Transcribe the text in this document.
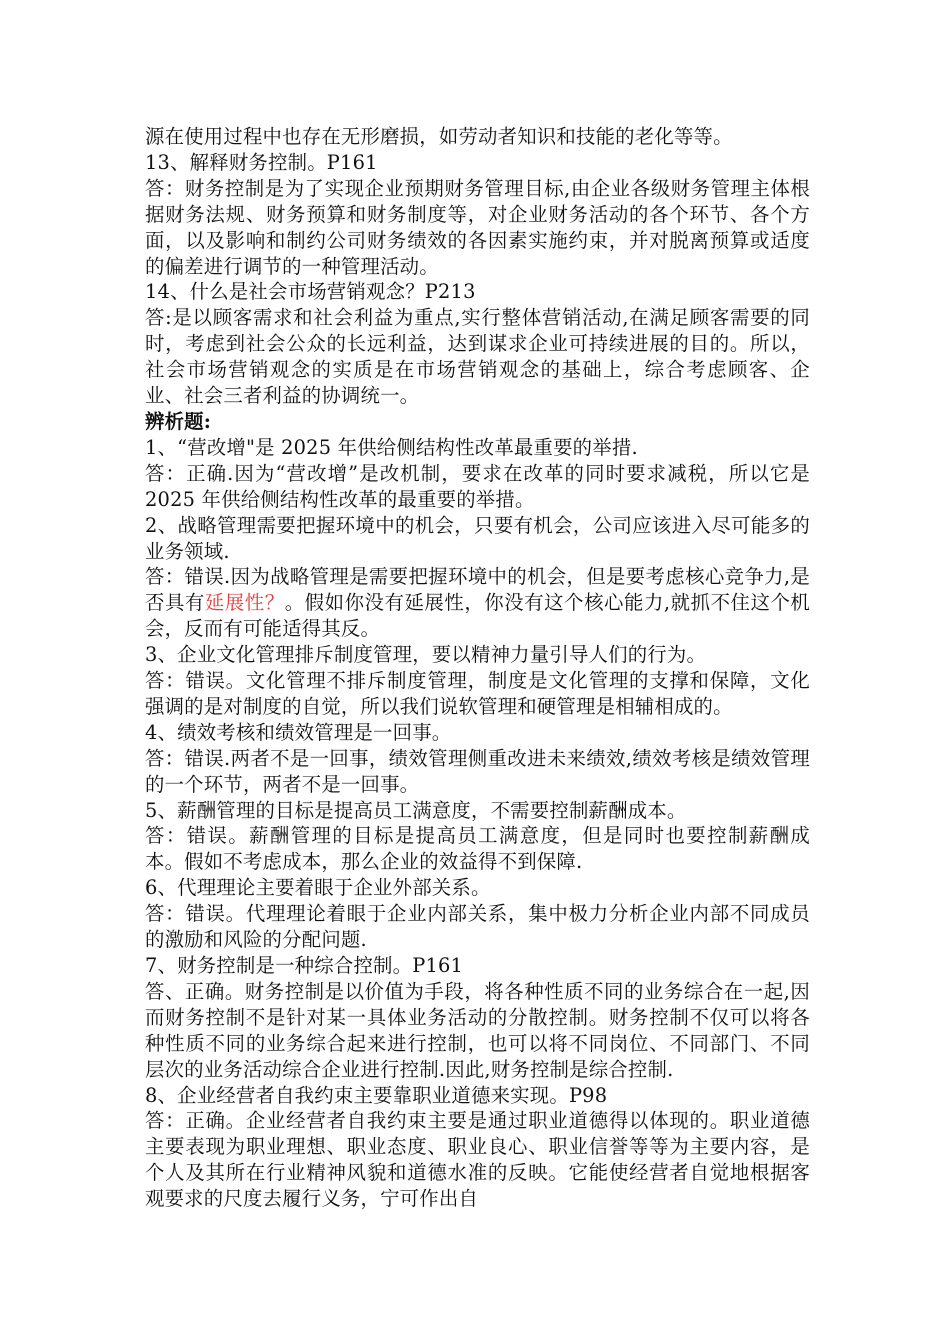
源在使用过程中也存在无形磨损，如劳动者知识和技能的老化等等。

13、解释财务控制。P161

答：财务控制是为了实现企业预期财务管理目标,由企业各级财务管理主体根据财务法规、财务预算和财务制度等，对企业财务活动的各个环节、各个方面，以及影响和制约公司财务绩效的各因素实施约束，并对脱离预算或适度的偏差进行调节的一种管理活动。

14、什么是社会市场营销观念？P213

答:是以顾客需求和社会利益为重点,实行整体营销活动,在满足顾客需要的同时，考虑到社会公众的长远利益，达到谋求企业可持续进展的目的。所以，社会市场营销观念的实质是在市场营销观念的基础上，综合考虑顾客、企业、社会三者利益的协调统一。

辨析题:

1、“营改增"是 2025 年供给侧结构性改革最重要的举措.

答：正确.因为“营改增”是改机制，要求在改革的同时要求减税，所以它是 2025 年供给侧结构性改革的最重要的举措。

2、战略管理需要把握环境中的机会，只要有机会，公司应该进入尽可能多的业务领域.

答：错误.因为战略管理是需要把握环境中的机会，但是要考虑核心竞争力,是否具有延展性？。假如你没有延展性，你没有这个核心能力,就抓不住这个机会，反而有可能适得其反。

3、企业文化管理排斥制度管理，要以精神力量引导人们的行为。

答：错误。文化管理不排斥制度管理，制度是文化管理的支撑和保障，文化强调的是对制度的自觉，所以我们说软管理和硬管理是相辅相成的。

4、绩效考核和绩效管理是一回事。

答：错误.两者不是一回事，绩效管理侧重改进未来绩效,绩效考核是绩效管理的一个环节，两者不是一回事。

5、薪酬管理的目标是提高员工满意度，不需要控制薪酬成本。

答：错误。薪酬管理的目标是提高员工满意度，但是同时也要控制薪酬成本。假如不考虑成本，那么企业的效益得不到保障.

6、代理理论主要着眼于企业外部关系。

答：错误。代理理论着眼于企业内部关系，集中极力分析企业内部不同成员的激励和风险的分配问题.

7、财务控制是一种综合控制。P161

答、正确。财务控制是以价值为手段，将各种性质不同的业务综合在一起,因而财务控制不是针对某一具体业务活动的分散控制。财务控制不仅可以将各种性质不同的业务综合起来进行控制，也可以将不同岗位、不同部门、不同层次的业务活动综合企业进行控制.因此,财务控制是综合控制.

8、企业经营者自我约束主要靠职业道德来实现。P98

答：正确。企业经营者自我约束主要是通过职业道德得以体现的。职业道德主要表现为职业理想、职业态度、职业良心、职业信誉等等为主要内容，是个人及其所在行业精神风貌和道德水准的反映。它能使经营者自觉地根据客观要求的尺度去履行义务，宁可作出自
